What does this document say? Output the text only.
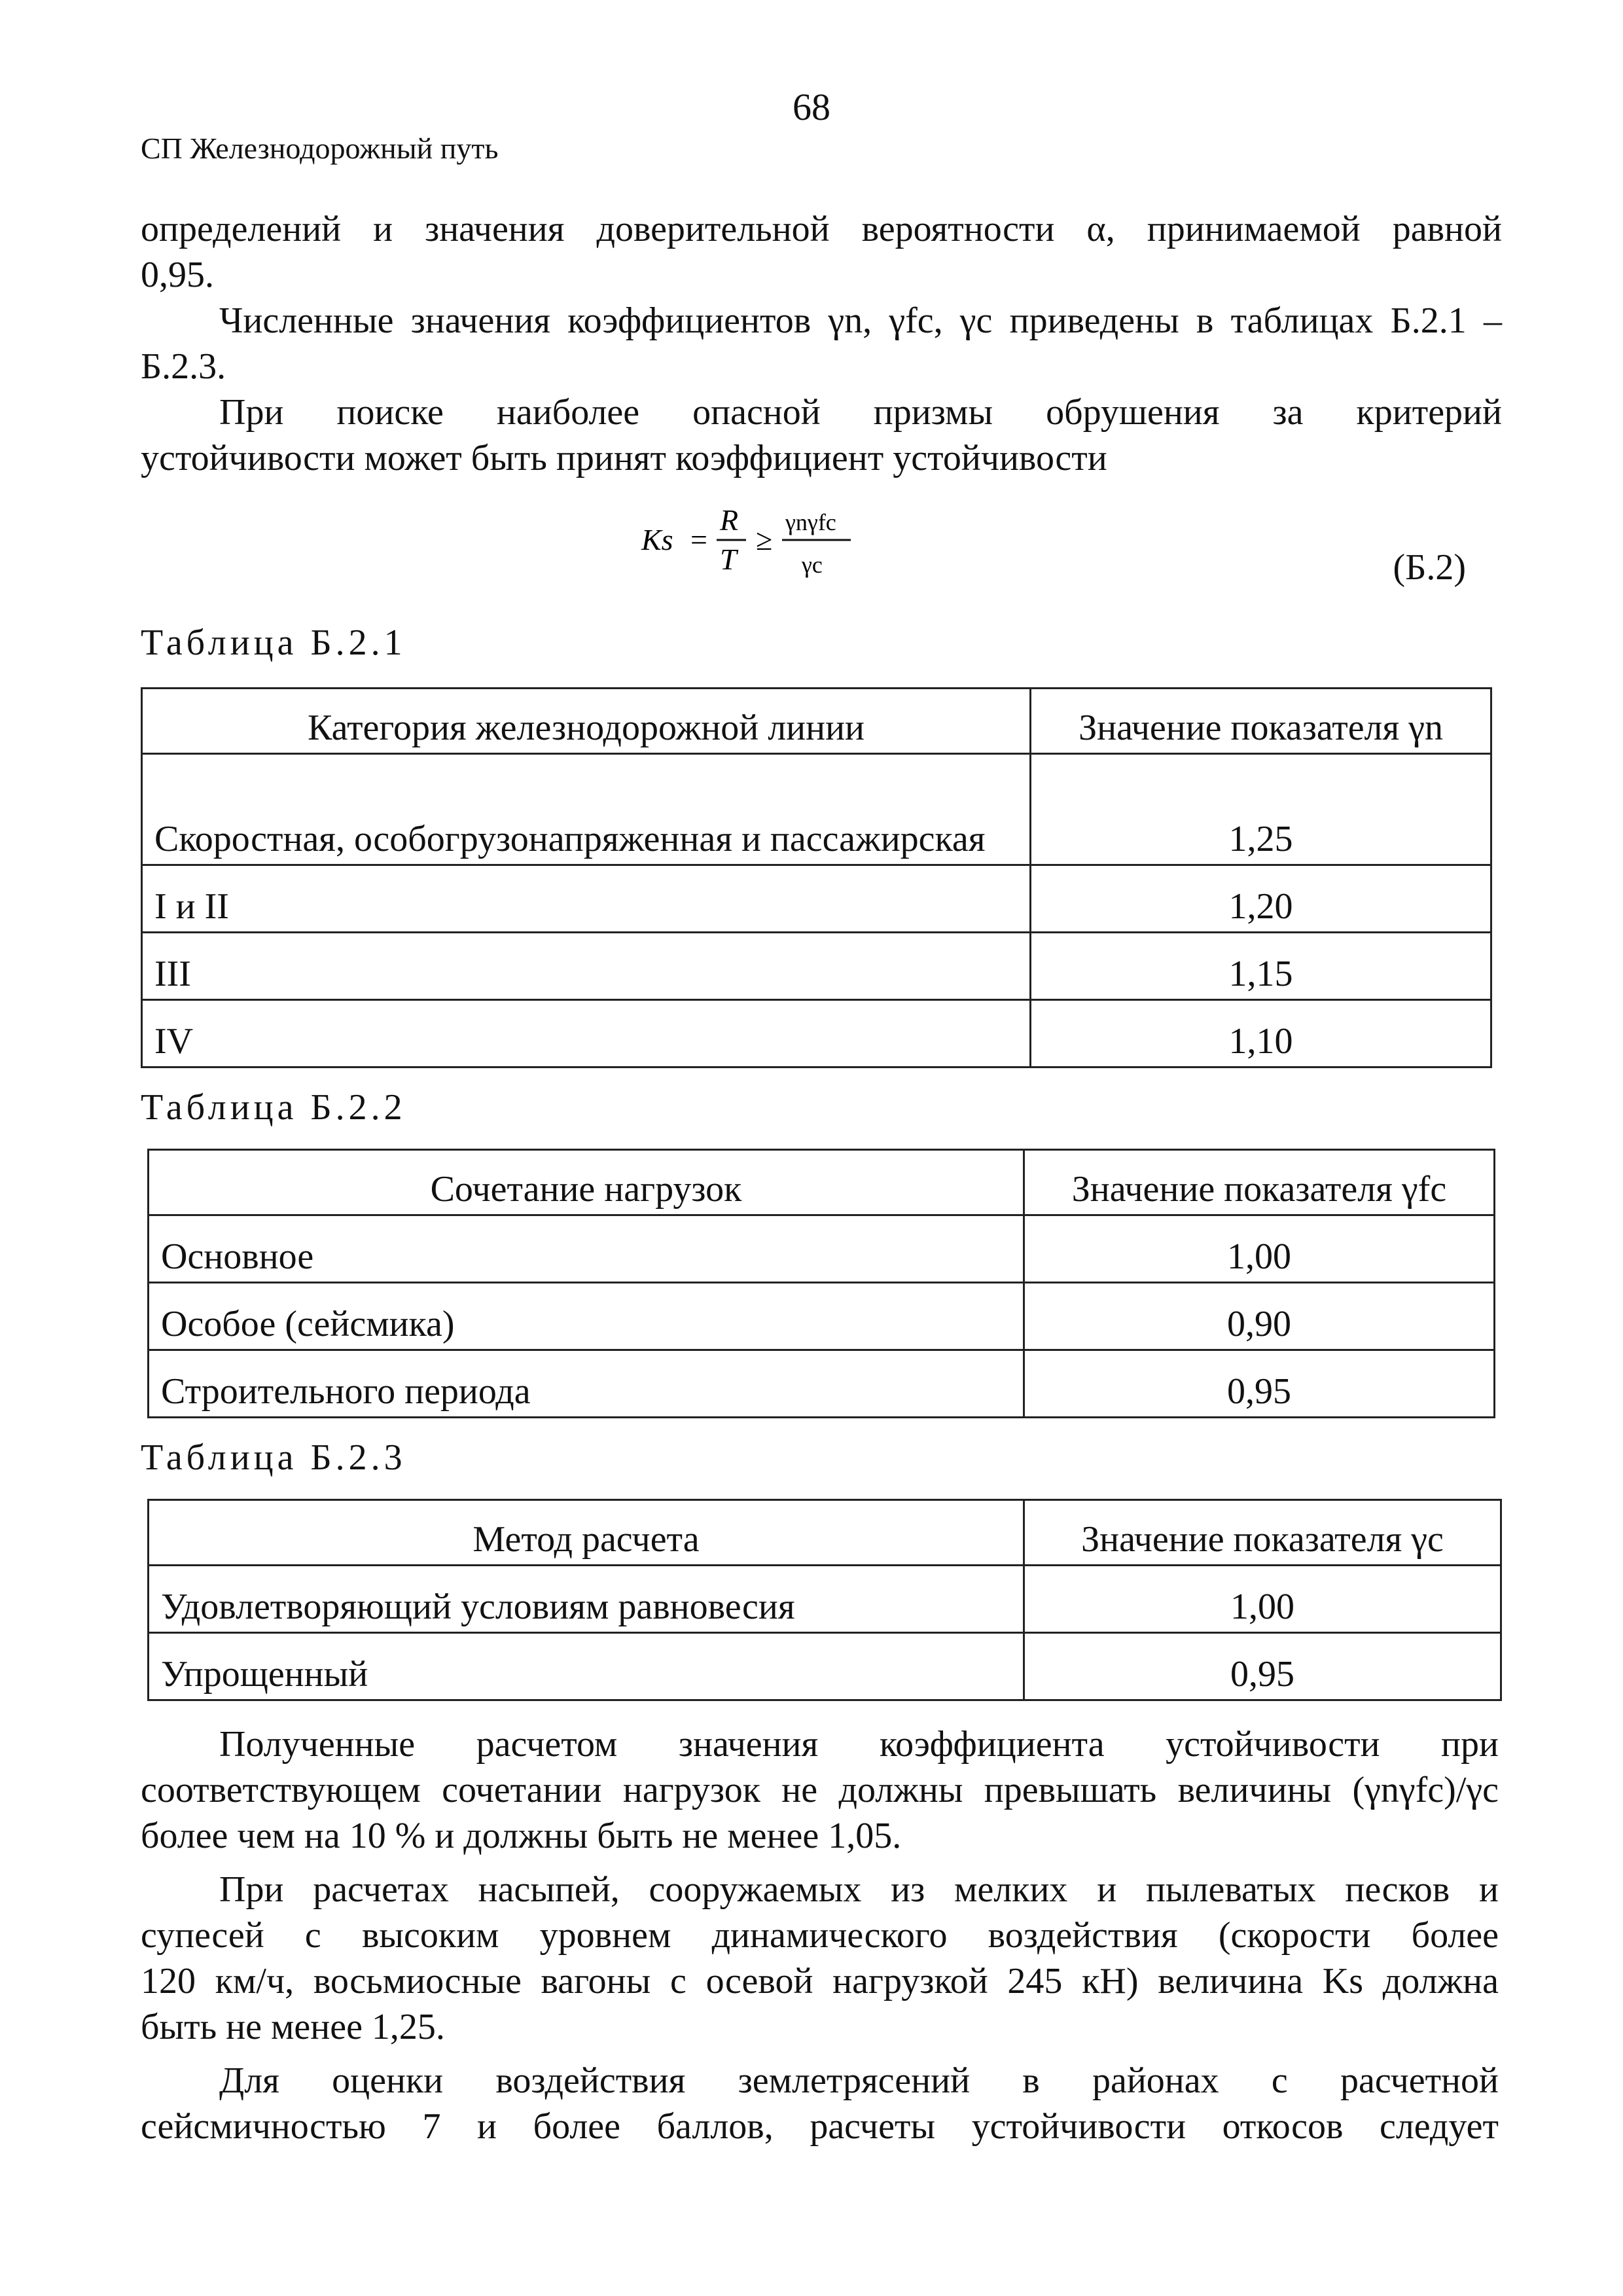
68
СП Железнодорожный путь

определений и значения доверительной вероятности α, принимаемой равной

0,95.

Численные значения коэффициентов γn, γfc, γc приведены в таблицах Б.2.1 –

Б.2.3.

При поиске наиболее опасной призмы обрушения за критерий

устойчивости может быть принят коэффициент устойчивости

Ks =
R
T
≥
γnγfc
γc	(Б.2)
Таблица Б.2.1
Категория железнодорожной линии	Значение показателя γn
Скоростная, особогрузонапряженная и пассажирская	1,25
I и II	1,20
III	1,15
IV	1,10
Таблица Б.2.2
Сочетание нагрузок	Значение показателя γfc
Основное	1,00
Особое (сейсмика)	0,90
Строительного периода	0,95
Таблица Б.2.3
Метод расчета	Значение показателя γc
Удовлетворяющий условиям равновесия	1,00
Упрощенный	0,95

Полученные расчетом значения коэффициента устойчивости при

соответствующем сочетании нагрузок не должны превышать величины (γnγfc)/γc

более чем на 10 % и должны быть не менее 1,05.

При расчетах насыпей, сооружаемых из мелких и пылеватых песков и

супесей с высоким уровнем динамического воздействия (скорости более

120 км/ч, восьмиосные вагоны с осевой нагрузкой 245 кН) величина Ks должна

быть не менее 1,25.

Для оценки воздействия землетрясений в районах с расчетной

сейсмичностью 7 и более баллов, расчеты устойчивости откосов следует
